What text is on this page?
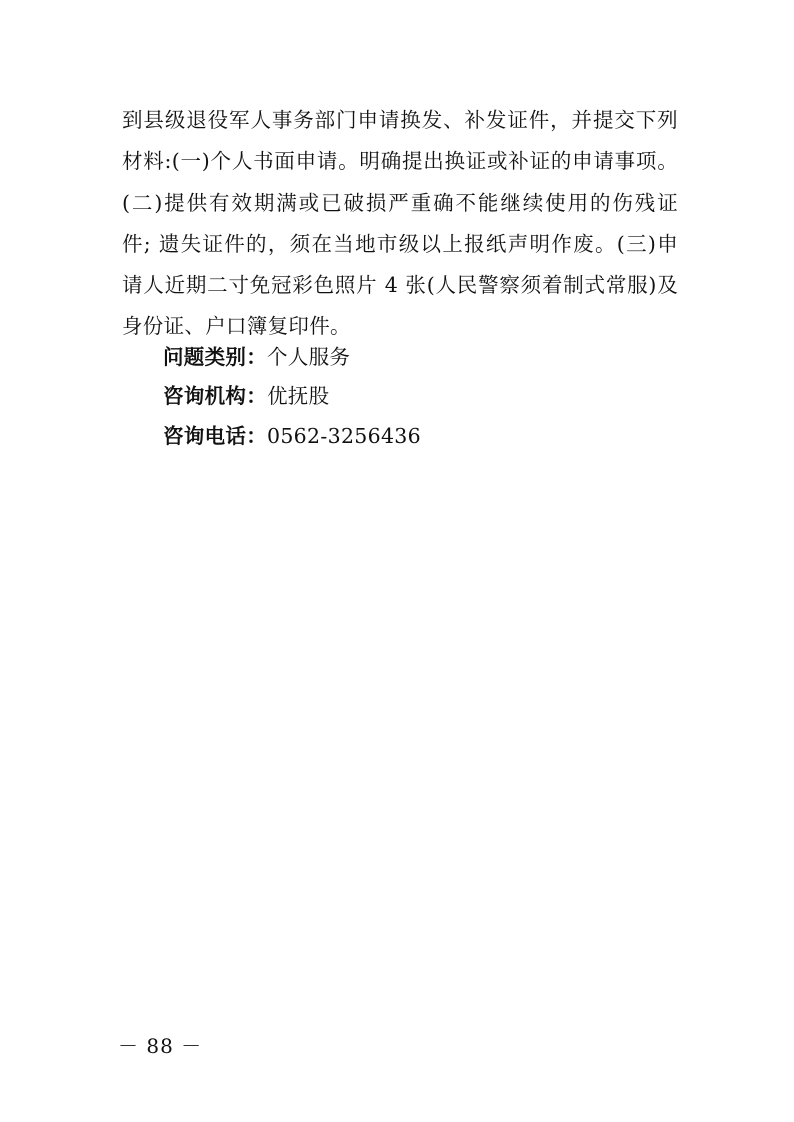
到县级退役军人事务部门申请换发、补发证件，并提交下列
材料:(一)个人书面申请。明确提出换证或补证的申请事项。
(二)提供有效期满或已破损严重确不能继续使用的伤残证
件; 遗失证件的，须在当地市级以上报纸声明作废。(三)申
请人近期二寸免冠彩色照片 4 张(人民警察须着制式常服)及
身份证、户口簿复印件。
问题类别：个人服务
咨询机构：优抚股
咨询电话：0562-3256436
－ 88 －
